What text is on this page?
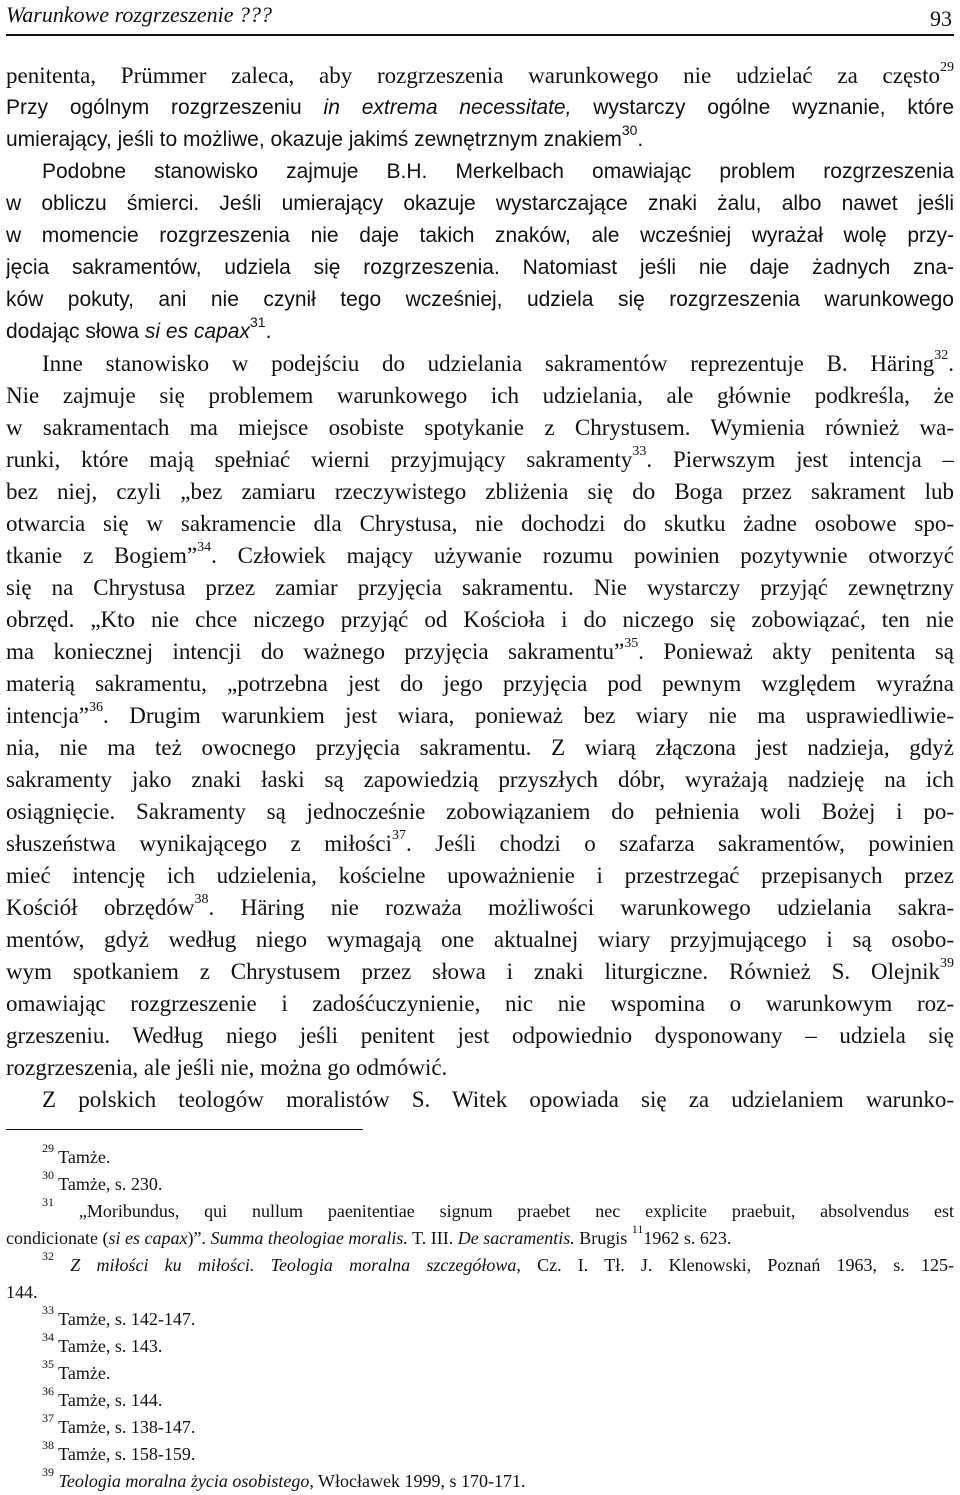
Warunkowe rozgrzeszenie ???	93
penitenta, Prümmer zaleca, aby rozgrzeszenia warunkowego nie udzielać za często$^{29}$
Przy ogólnym rozgrzeszeniu in extrema necessitate, wystarczy ogólne wyznanie, które
umierający, jeśli to możliwe, okazuje jakimś zewnętrznym znakiem$^{30}$.
Podobne stanowisko zajmuje B.H. Merkelbach omawiając problem rozgrzeszenia
w obliczu śmierci. Jeśli umierający okazuje wystarczające znaki żalu, albo nawet jeśli
w momencie rozgrzeszenia nie daje takich znaków, ale wcześniej wyrażał wolę przy-
jęcia sakramentów, udziela się rozgrzeszenia. Natomiast jeśli nie daje żadnych zna-
ków pokuty, ani nie czynił tego wcześniej, udziela się rozgrzeszenia warunkowego
dodając słowa si es capax$^{31}$.
Inne stanowisko w podejściu do udzielania sakramentów reprezentuje B. Häring$^{32}$.
Nie zajmuje się problemem warunkowego ich udzielania, ale głównie podkreśla, że
w sakramentach ma miejsce osobiste spotykanie z Chrystusem. Wymienia również wa-
runki, które mają spełniać wierni przyjmujący sakramenty$^{33}$. Pierwszym jest intencja –
bez niej, czyli „bez zamiaru rzeczywistego zbliżenia się do Boga przez sakrament lub
otwarcia się w sakramencie dla Chrystusa, nie dochodzi do skutku żadne osobowe spo-
tkanie z Bogiem”$^{34}$. Człowiek mający używanie rozumu powinien pozytywnie otworzyć
się na Chrystusa przez zamiar przyjęcia sakramentu. Nie wystarczy przyjąć zewnętrzny
obrzęd. „Kto nie chce niczego przyjąć od Kościoła i do niczego się zobowiązać, ten nie
ma koniecznej intencji do ważnego przyjęcia sakramentu”$^{35}$. Ponieważ akty penitenta są
materią sakramentu, „potrzebna jest do jego przyjęcia pod pewnym względem wyraźna
intencja”$^{36}$. Drugim warunkiem jest wiara, ponieważ bez wiary nie ma usprawiedliwie-
nia, nie ma też owocnego przyjęcia sakramentu. Z wiarą złączona jest nadzieja, gdyż
sakramenty jako znaki łaski są zapowiedzią przyszłych dóbr, wyrażają nadzieję na ich
osiągnięcie. Sakramenty są jednocześnie zobowiązaniem do pełnienia woli Bożej i po-
słuszeństwa wynikającego z miłości$^{37}$. Jeśli chodzi o szafarza sakramentów, powinien
mieć intencję ich udzielenia, kościelne upoważnienie i przestrzegać przepisanych przez
Kościół obrzędów$^{38}$. Häring nie rozważa możliwości warunkowego udzielania sakra-
mentów, gdyż według niego wymagają one aktualnej wiary przyjmującego i są osobo-
wym spotkaniem z Chrystusem przez słowa i znaki liturgiczne. Również S. Olejnik$^{39}$
omawiając rozgrzeszenie i zadośćuczynienie, nic nie wspomina o warunkowym roz-
grzeszeniu. Według niego jeśli penitent jest odpowiednio dysponowany – udziela się
rozgrzeszenia, ale jeśli nie, można go odmówić.
Z polskich teologów moralistów S. Witek opowiada się za udzielaniem warunko-
$^{29}$ Tamże.
$^{30}$ Tamże, s. 230.
$^{31}$ „Moribundus, qui nullum paenitentiae signum praebet nec explicite praebuit, absolvendus est
condicionate (si es capax)”. Summa theologiae moralis. T. III. De sacramentis. Brugis $^{11}$1962 s. 623.
$^{32}$ Z miłości ku miłości. Teologia moralna szczegółowa, Cz. I. Tł. J. Klenowski, Poznań 1963, s. 125-
144.
$^{33}$ Tamże, s. 142-147.
$^{34}$ Tamże, s. 143.
$^{35}$ Tamże.
$^{36}$ Tamże, s. 144.
$^{37}$ Tamże, s. 138-147.
$^{38}$ Tamże, s. 158-159.
$^{39}$ Teologia moralna życia osobistego, Włocławek 1999, s 170-171.
